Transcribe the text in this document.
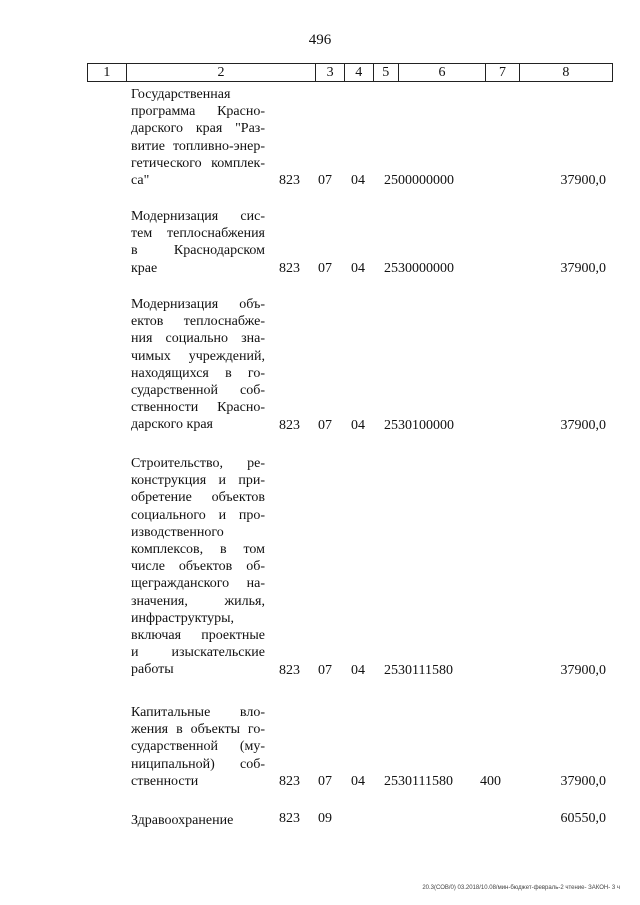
496
1	2	3	4	5	6	7	8
Государственная
программа Красно-
дарского края "Раз-
витие топливно-энер-
гетического комплек-
са"	823 07 04 2500000000	37900,0
Модернизация сис-
тем теплоснабжения
в Краснодарском
крае	823 07 04 2530000000	37900,0
Модернизация объ-
ектов теплоснабже-
ния социально зна-
чимых учреждений,
находящихся в го-
сударственной соб-
ственности Красно-
дарского края	823 07 04 2530100000	37900,0
Строительство, ре-
конструкция и при-
обретение объектов
социального и про-
изводственного
комплексов, в том
числе объектов об-
щегражданского на-
значения, жилья,
инфраструктуры,
включая проектные
и изыскательские
работы	823 07 04 2530111580	37900,0
Капитальные вло-
жения в объекты го-
сударственной (му-
ниципальной) соб-
ственности	823 07 04 2530111580 400	37900,0
Здравоохранение	823 09	60550,0
20.3(СОВ/0) 03.2018/10.08/мин-бюджет-февраль-2 чтение- ЗАКОН- 3 ч
